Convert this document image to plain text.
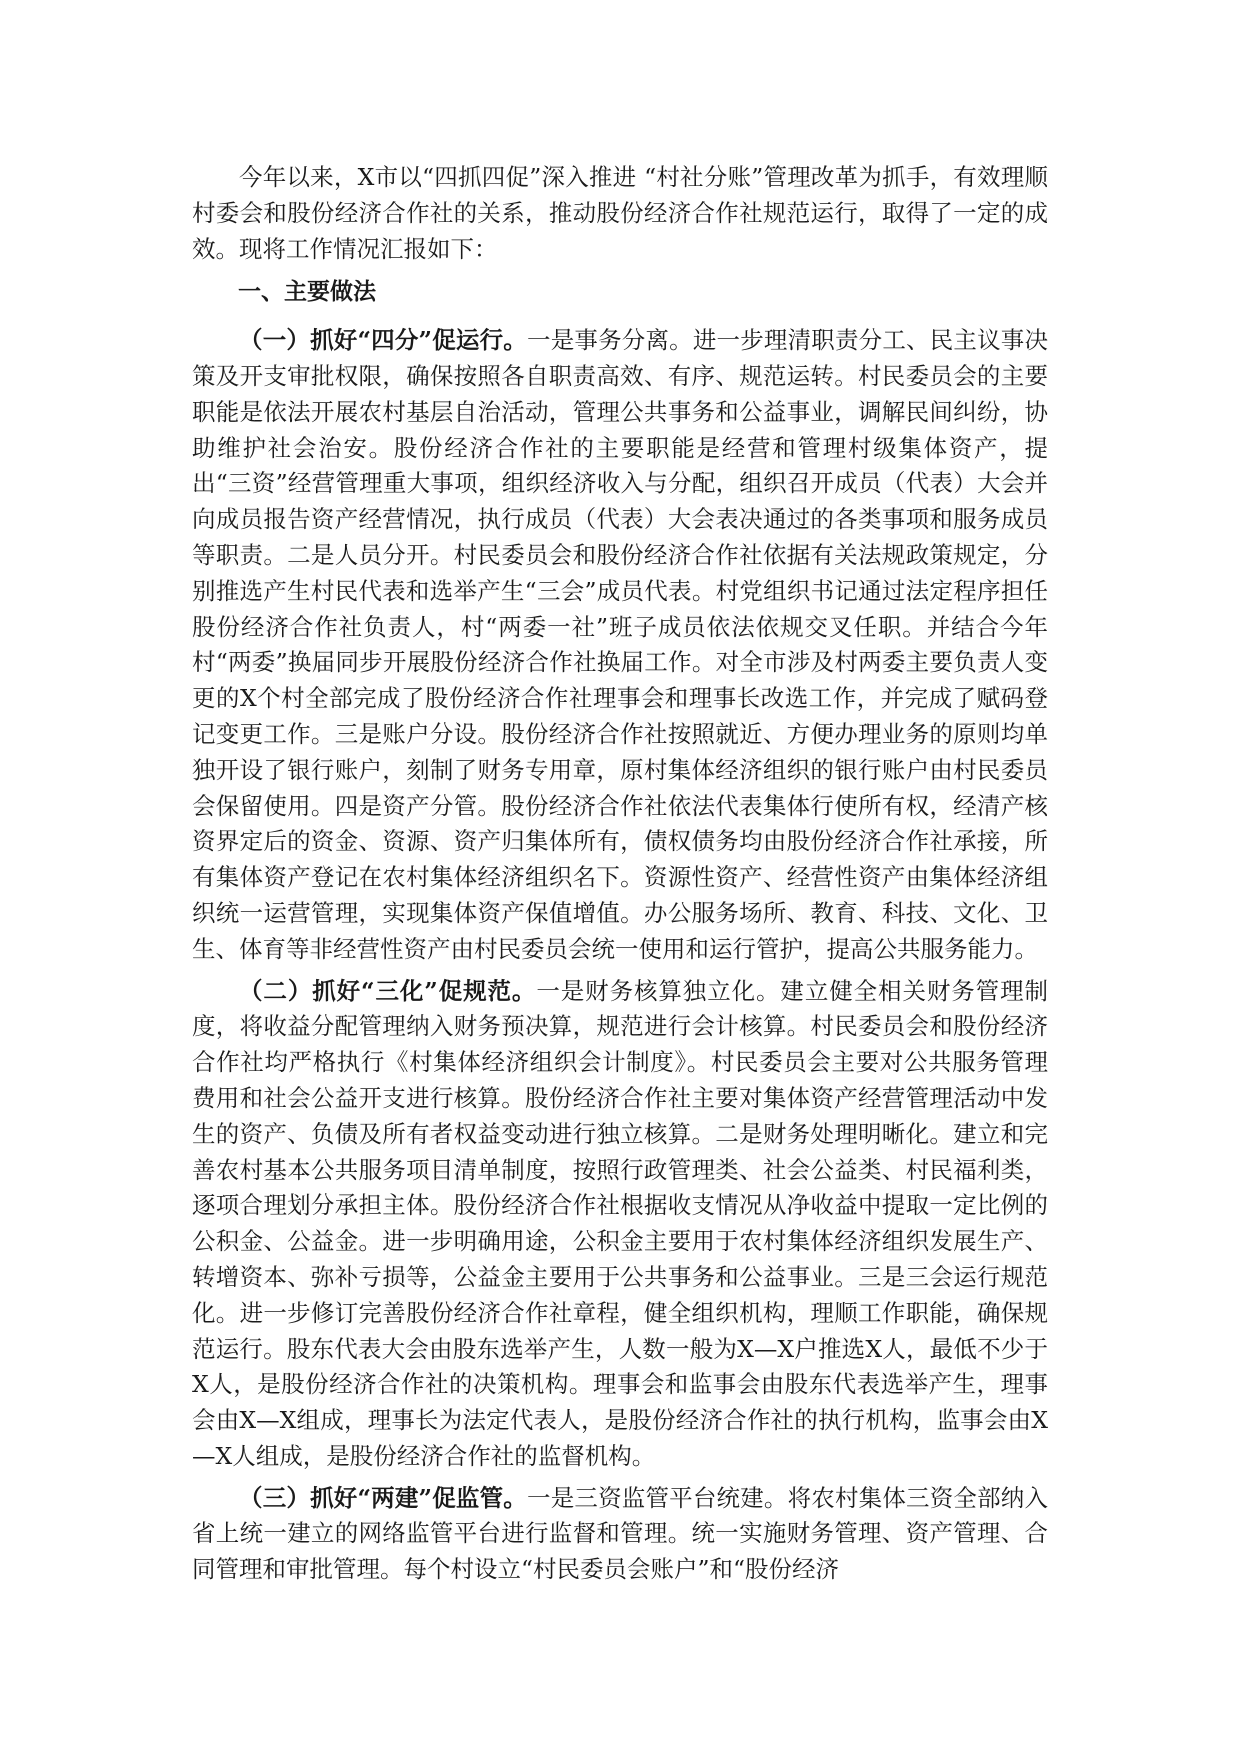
今年以来，X市以“四抓四促”深入推进 “村社分账”管理改革为抓手，有效理顺村委会和股份经济合作社的关系，推动股份经济合作社规范运行，取得了一定的成效。现将工作情况汇报如下：

一、主要做法

（一）抓好“四分”促运行。一是事务分离。进一步理清职责分工、民主议事决策及开支审批权限，确保按照各自职责高效、有序、规范运转。村民委员会的主要职能是依法开展农村基层自治活动，管理公共事务和公益事业，调解民间纠纷，协助维护社会治安。股份经济合作社的主要职能是经营和管理村级集体资产，提出“三资”经营管理重大事项，组织经济收入与分配，组织召开成员（代表）大会并向成员报告资产经营情况，执行成员（代表）大会表决通过的各类事项和服务成员等职责。二是人员分开。村民委员会和股份经济合作社依据有关法规政策规定，分别推选产生村民代表和选举产生“三会”成员代表。村党组织书记通过法定程序担任股份经济合作社负责人，村“两委一社”班子成员依法依规交叉任职。并结合今年村“两委”换届同步开展股份经济合作社换届工作。对全市涉及村两委主要负责人变更的X个村全部完成了股份经济合作社理事会和理事长改选工作，并完成了赋码登记变更工作。三是账户分设。股份经济合作社按照就近、方便办理业务的原则均单独开设了银行账户，刻制了财务专用章，原村集体经济组织的银行账户由村民委员会保留使用。四是资产分管。股份经济合作社依法代表集体行使所有权，经清产核资界定后的资金、资源、资产归集体所有，债权债务均由股份经济合作社承接，所有集体资产登记在农村集体经济组织名下。资源性资产、经营性资产由集体经济组织统一运营管理，实现集体资产保值增值。办公服务场所、教育、科技、文化、卫生、体育等非经营性资产由村民委员会统一使用和运行管护，提高公共服务能力。

（二）抓好“三化”促规范。一是财务核算独立化。建立健全相关财务管理制度，将收益分配管理纳入财务预决算，规范进行会计核算。村民委员会和股份经济合作社均严格执行《村集体经济组织会计制度》。村民委员会主要对公共服务管理费用和社会公益开支进行核算。股份经济合作社主要对集体资产经营管理活动中发生的资产、负债及所有者权益变动进行独立核算。二是财务处理明晰化。建立和完善农村基本公共服务项目清单制度，按照行政管理类、社会公益类、村民福利类，逐项合理划分承担主体。股份经济合作社根据收支情况从净收益中提取一定比例的公积金、公益金。进一步明确用途，公积金主要用于农村集体经济组织发展生产、转增资本、弥补亏损等，公益金主要用于公共事务和公益事业。三是三会运行规范化。进一步修订完善股份经济合作社章程，健全组织机构，理顺工作职能，确保规范运行。股东代表大会由股东选举产生，人数一般为X—X户推选X人，最低不少于X人，是股份经济合作社的决策机构。理事会和监事会由股东代表选举产生，理事会由X—X组成，理事长为法定代表人，是股份经济合作社的执行机构，监事会由X—X人组成，是股份经济合作社的监督机构。

（三）抓好“两建”促监管。一是三资监管平台统建。将农村集体三资全部纳入省上统一建立的网络监管平台进行监督和管理。统一实施财务管理、资产管理、合同管理和审批管理。每个村设立“村民委员会账户”和“股份经济
